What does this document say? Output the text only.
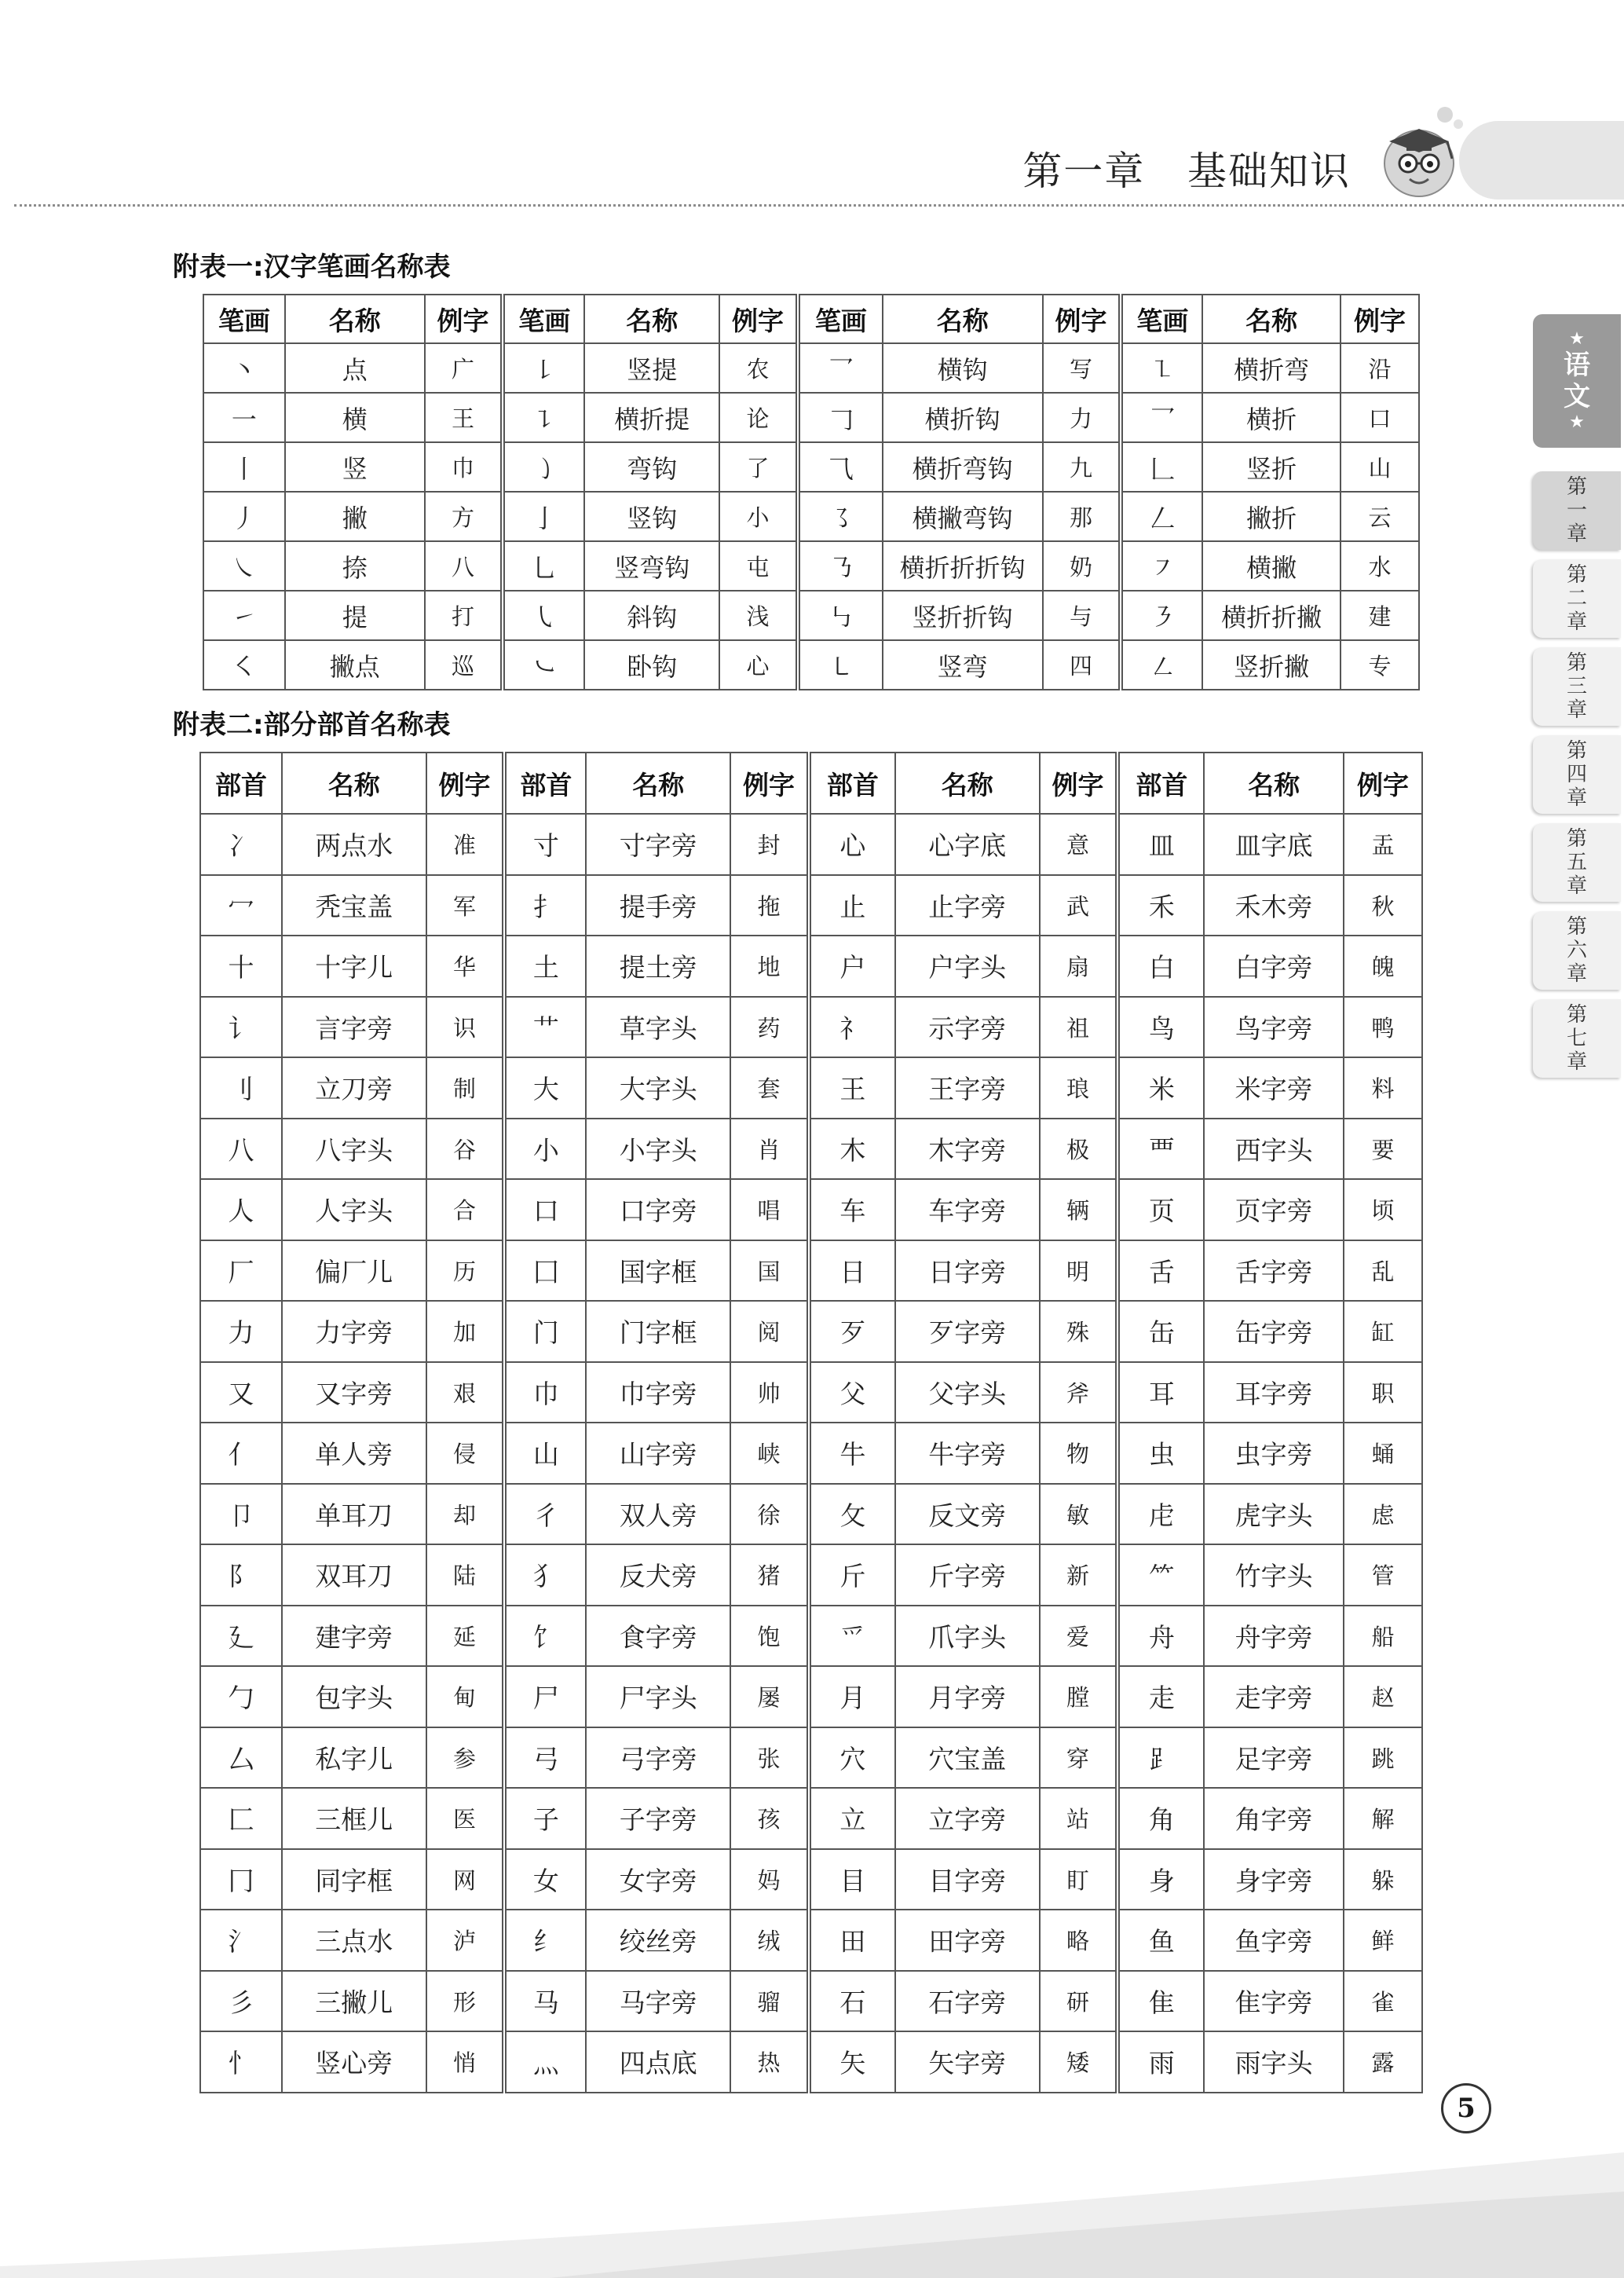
第一章 基础知识
★
语文
★
第一章
第二章
第三章
第四章
第五章
第六章
第七章
附表一:汉字笔画名称表
笔画	名称	例字	笔画	名称	例字	笔画	名称	例字	笔画	名称	例字
丶	点	广	㇙	竖提	农	乛	横钩	写	㇅	横折弯	沿
一	横	王	㇊	横折提	论	𠃌	横折钩	力	乛	横折	口
丨	竖	巾	㇁	弯钩	了	⺄	横折弯钩	九	𠃊	竖折	山
丿	撇	方	亅	竖钩	小	㇌	横撇弯钩	那	𠃋	撇折	云
㇏	捺	八	乚	竖弯钩	屯	㇡	横折折折钩	奶	㇇	横撇	水
㇀	提	打	㇂	斜钩	浅	㇉	竖折折钩	与	㇋	横折折撇	建
㇛	撇点	巡	㇃	卧钩	心	㇄	竖弯	四	㇜	竖折撇	专
附表二:部分部首名称表
部首	名称	例字	部首	名称	例字	部首	名称	例字	部首	名称	例字
冫	两点水	准	寸	寸字旁	封	心	心字底	意	皿	皿字底	盂
冖	秃宝盖	军	扌	提手旁	拖	止	止字旁	武	禾	禾木旁	秋
十	十字儿	华	土	提土旁	地	户	户字头	扇	白	白字旁	魄
讠	言字旁	识	艹	草字头	药	礻	示字旁	祖	鸟	鸟字旁	鸭
刂	立刀旁	制	大	大字头	套	王	王字旁	琅	米	米字旁	料
八	八字头	谷	小	小字头	肖	木	木字旁	极	覀	西字头	要
人	人字头	合	口	口字旁	唱	车	车字旁	辆	页	页字旁	顷
厂	偏厂儿	历	囗	国字框	国	日	日字旁	明	舌	舌字旁	乱
力	力字旁	加	门	门字框	阅	歹	歹字旁	殊	缶	缶字旁	缸
又	又字旁	艰	巾	巾字旁	帅	父	父字头	斧	耳	耳字旁	职
亻	单人旁	侵	山	山字旁	峡	牛	牛字旁	物	虫	虫字旁	蛹
卩	单耳刀	却	彳	双人旁	徐	攵	反文旁	敏	虍	虎字头	虑
阝	双耳刀	陆	犭	反犬旁	猪	斤	斤字旁	新	⺮	竹字头	管
廴	建字旁	延	饣	食字旁	饱	爫	爪字头	爱	舟	舟字旁	船
勹	包字头	甸	尸	尸字头	屡	月	月字旁	膛	走	走字旁	赵
厶	私字儿	参	弓	弓字旁	张	穴	穴宝盖	穿	⻊	足字旁	跳
匚	三框儿	医	子	子字旁	孩	立	立字旁	站	角	角字旁	解
冂	同字框	网	女	女字旁	妈	目	目字旁	盯	身	身字旁	躲
氵	三点水	泸	纟	绞丝旁	绒	田	田字旁	略	鱼	鱼字旁	鲜
彡	三撇儿	形	马	马字旁	骝	石	石字旁	研	隹	隹字旁	雀
忄	竖心旁	悄	灬	四点底	热	矢	矢字旁	矮	雨	雨字头	露
5
